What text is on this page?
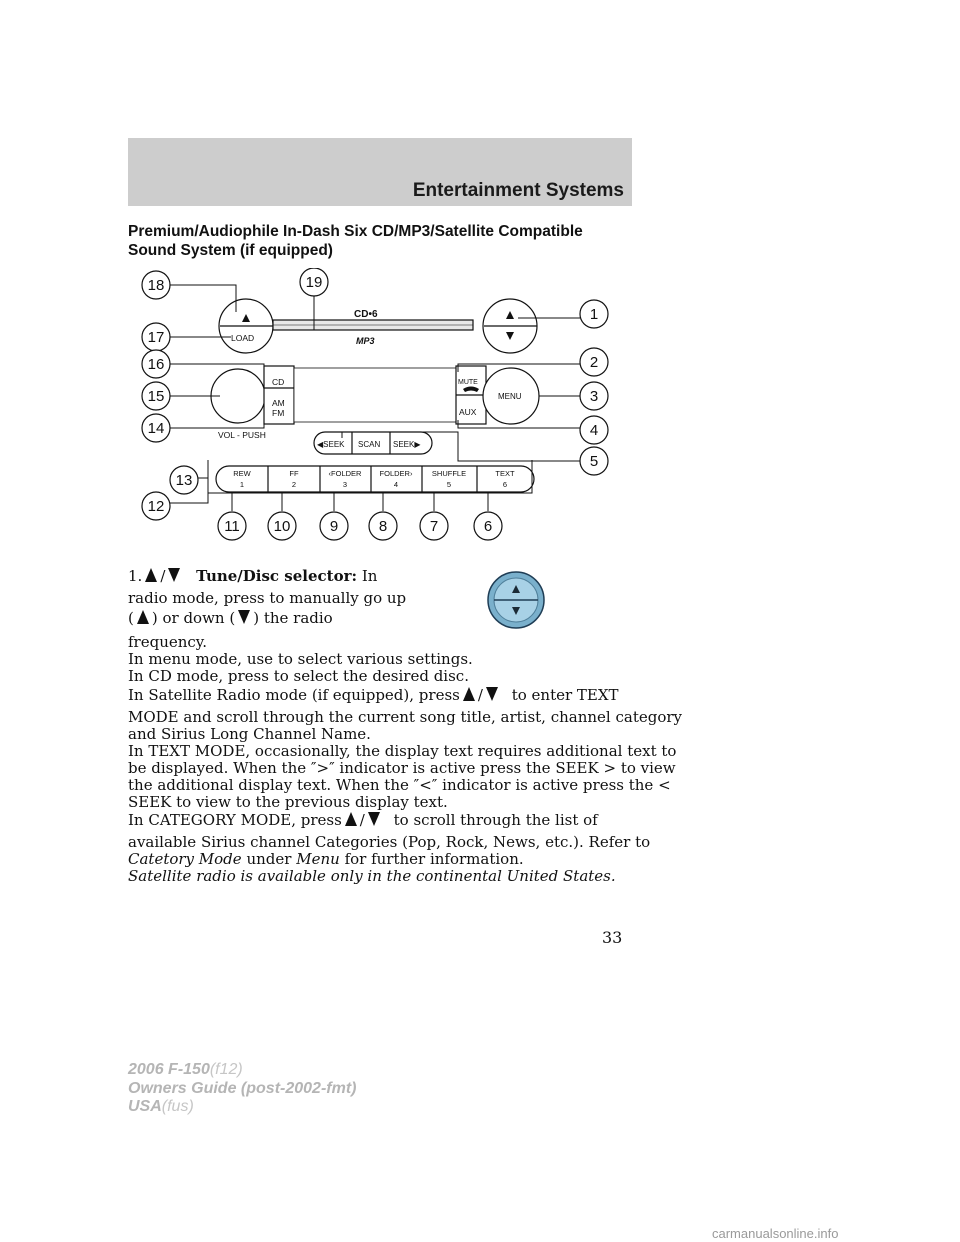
Entertainment Systems
Premium/Audiophile In-Dash Six CD/MP3/Satellite Compatible Sound System (if equipped)
LOAD
CD•6
MP3
CD
AM
FM
VOL - PUSH
MUTE
MENU
AUX
◀SEEK SCAN SEEK▶
REW
1
FF
2
‹FOLDER
3
FOLDER›
4
SHUFFLE
5
TEXT
6
18	19
1
17
16	2
15	3
14	4
5
13
12
11 10	9	8	7	6
1. / Tune/Disc selector: In
radio mode, press to manually go up
( ) or down ( ) the radio
frequency.
In menu mode, use to select various settings.
In CD mode, press to select the desired disc.
In Satellite Radio mode (if equipped), press / to enter TEXT
MODE and scroll through the current song title, artist, channel category
and Sirius Long Channel Name.
In TEXT MODE, occasionally, the display text requires additional text to
be displayed. When the ″>″ indicator is active press the SEEK > to view
the additional display text. When the ″<″ indicator is active press the <
SEEK to view to the previous display text.
In CATEGORY MODE, press / to scroll through the list of
available Sirius channel Categories (Pop, Rock, News, etc.). Refer to
Catetory Mode under Menu for further information.
Satellite radio is available only in the continental United States.
33
2006 F-150(f12)
Owners Guide (post-2002-fmt)
USA(fus)
carmanualsonline.info
